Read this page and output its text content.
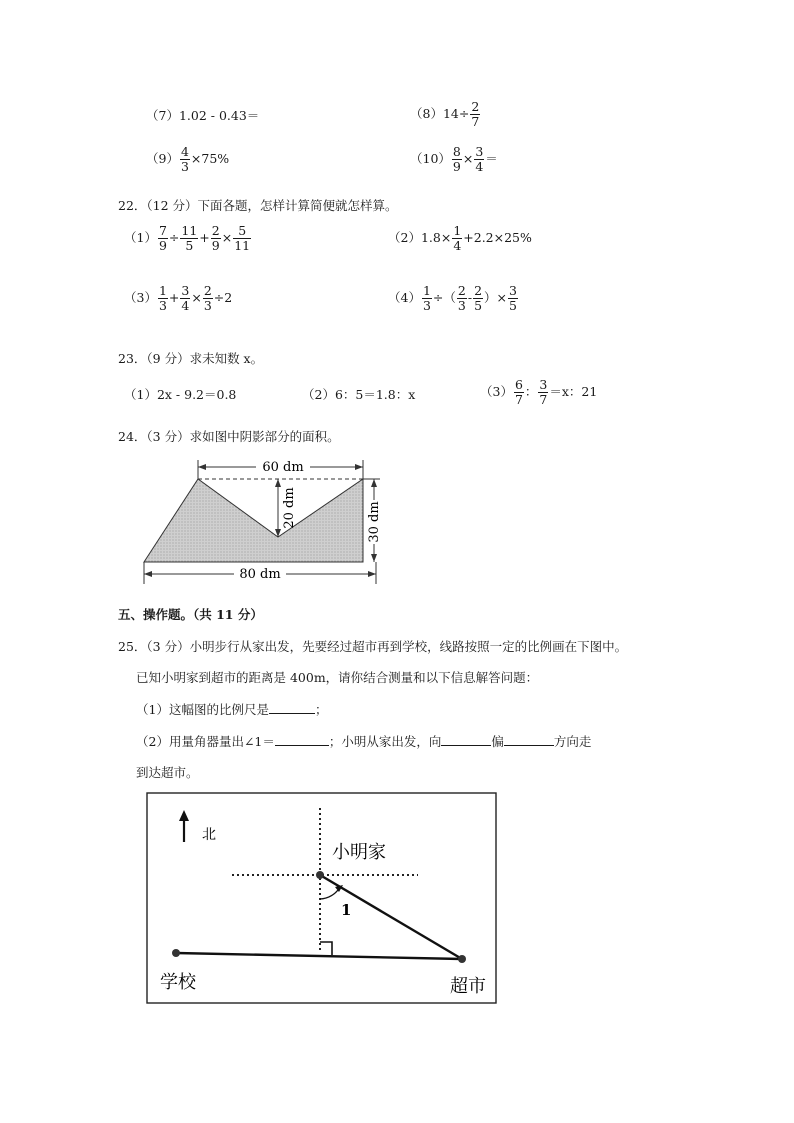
（7）1.02 - 0.43＝	$(8)14\div \frac{2}{7}$
$(9) \frac{4}{3} \times 75\%$	$(10) \frac{8}{9} \times \frac{3}{4}$ ＝
22．（12 分）下面各题，怎样计算简便就怎样算。
$(1) \frac{7}{9} \div \frac{11}{5} + \frac{2}{9} \times \frac{5}{11}$	$(2)1.8\times \frac{1}{4} +2.2\times 25\%$
$(3) \frac{1}{3} + \frac{3}{4} \times \frac{2}{3} \div 2$	$(4) \frac{1}{3}$ ÷（ $\frac{2}{3} - \frac{2}{5}$ ）× $\frac{3}{5}$
23．（9 分）求未知数 x。
（1）2x - 9.2＝0.8	（2）6：5＝1.8：x	$(3) \frac{6}{7}$ ： $\frac{3}{7} =x$：21
24．（3 分）求如图中阴影部分的面积。
60 dm
20 dm	30 dm
80 dm
五、操作题。（共 11 分）
25．（3 分）小明步行从家出发，先要经过超市再到学校，线路按照一定的比例画在下图中。
已知小明家到超市的距离是 400m，请你结合测量和以下信息解答问题：
（1）这幅图的比例尺是	；
（2）用量角器量出∠1＝	；小明从家出发，向	偏	方向走
到达超市。
北
小明家
1
学校	超市
